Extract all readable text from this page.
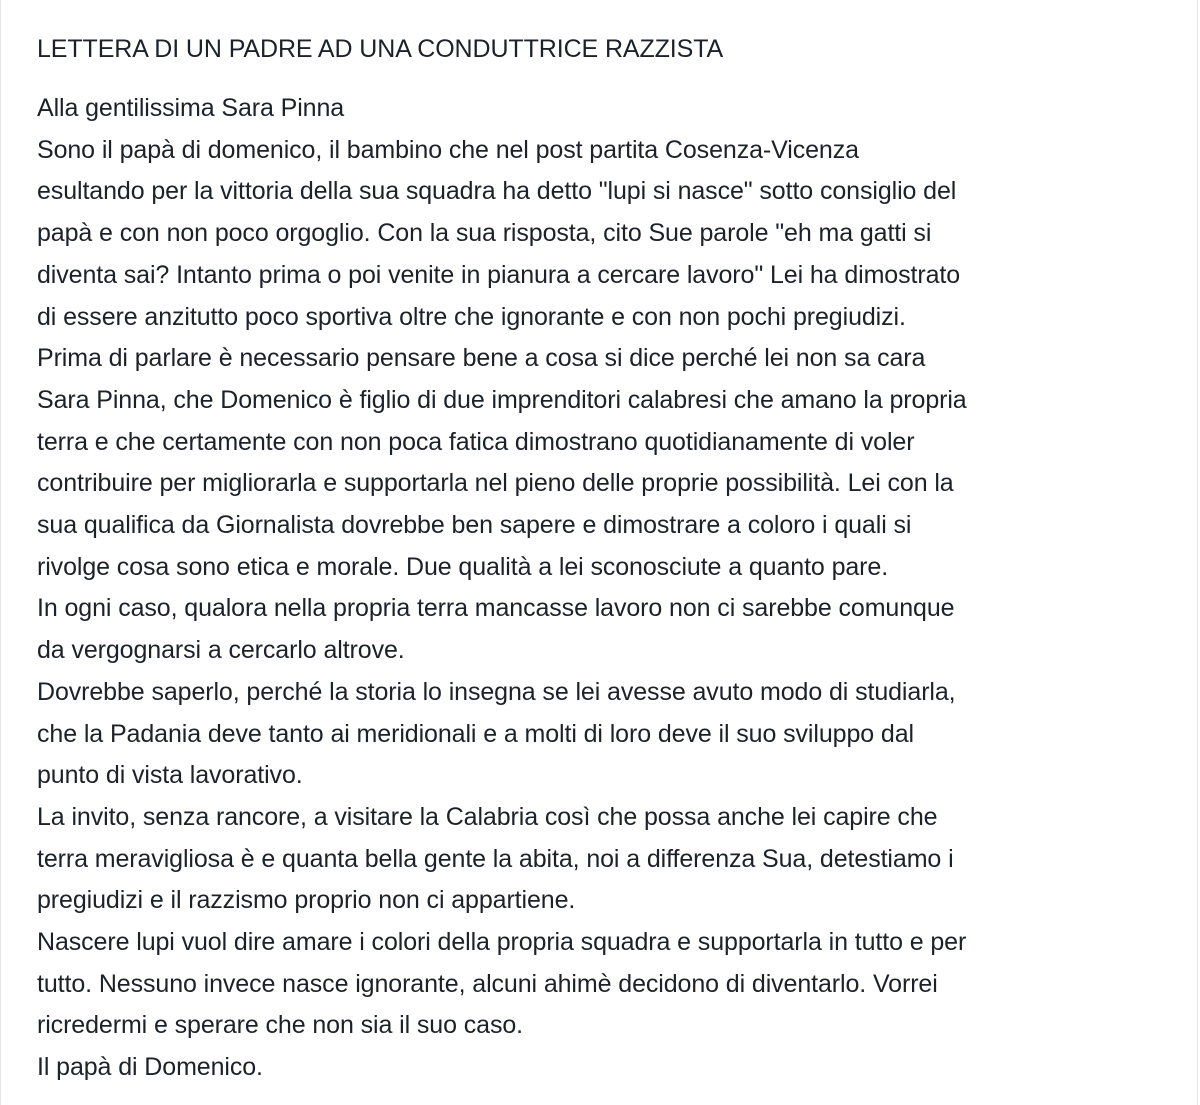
LETTERA DI UN PADRE AD UNA CONDUTTRICE RAZZISTA
Alla gentilissima Sara Pinna
Sono il papà di domenico, il bambino che nel post partita Cosenza-Vicenza
esultando per la vittoria della sua squadra ha detto "lupi si nasce" sotto consiglio del
papà e con non poco orgoglio. Con la sua risposta, cito Sue parole "eh ma gatti si
diventa sai? Intanto prima o poi venite in pianura a cercare lavoro" Lei ha dimostrato
di essere anzitutto poco sportiva oltre che ignorante e con non pochi pregiudizi.
Prima di parlare è necessario pensare bene a cosa si dice perché lei non sa cara
Sara Pinna, che Domenico è figlio di due imprenditori calabresi che amano la propria
terra e che certamente con non poca fatica dimostrano quotidianamente di voler
contribuire per migliorarla e supportarla nel pieno delle proprie possibilità. Lei con la
sua qualifica da Giornalista dovrebbe ben sapere e dimostrare a coloro i quali si
rivolge cosa sono etica e morale. Due qualità a lei sconosciute a quanto pare.
In ogni caso, qualora nella propria terra mancasse lavoro non ci sarebbe comunque
da vergognarsi a cercarlo altrove.
Dovrebbe saperlo, perché la storia lo insegna se lei avesse avuto modo di studiarla,
che la Padania deve tanto ai meridionali e a molti di loro deve il suo sviluppo dal
punto di vista lavorativo.
La invito, senza rancore, a visitare la Calabria così che possa anche lei capire che
terra meravigliosa è e quanta bella gente la abita, noi a differenza Sua, detestiamo i
pregiudizi e il razzismo proprio non ci appartiene.
Nascere lupi vuol dire amare i colori della propria squadra e supportarla in tutto e per
tutto. Nessuno invece nasce ignorante, alcuni ahimè decidono di diventarlo. Vorrei
ricredermi e sperare che non sia il suo caso.
Il papà di Domenico.
